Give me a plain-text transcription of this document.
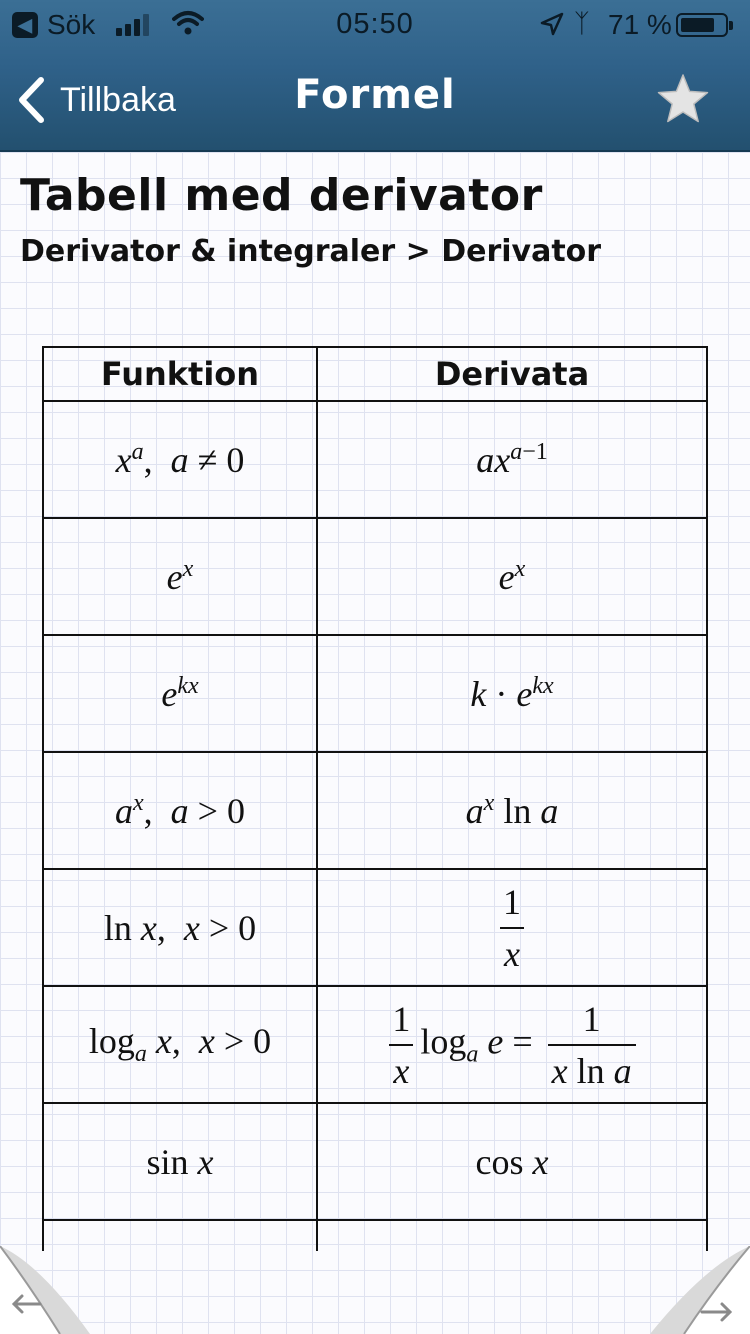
◀ Sök	05:50	ᛉ 71 %
Tillbaka	Formel
Tabell med derivator
Derivator & integraler > Derivator
Funktion	Derivata
$x^a$,  a ≠ 0	$ax^{a-1}$
$e^x$	$e^x$
$e^{kx}$	$k \cdot e^{kx}$
$a^x$,  a > 0	$a^x$ ln a
ln x,  x > 0	$\frac{1}{x}$

$\log_a x$,  x > 0	$\frac{1}{x} \log_a e = \frac{1}{\text{x ln a}}$

sin x	cos x
